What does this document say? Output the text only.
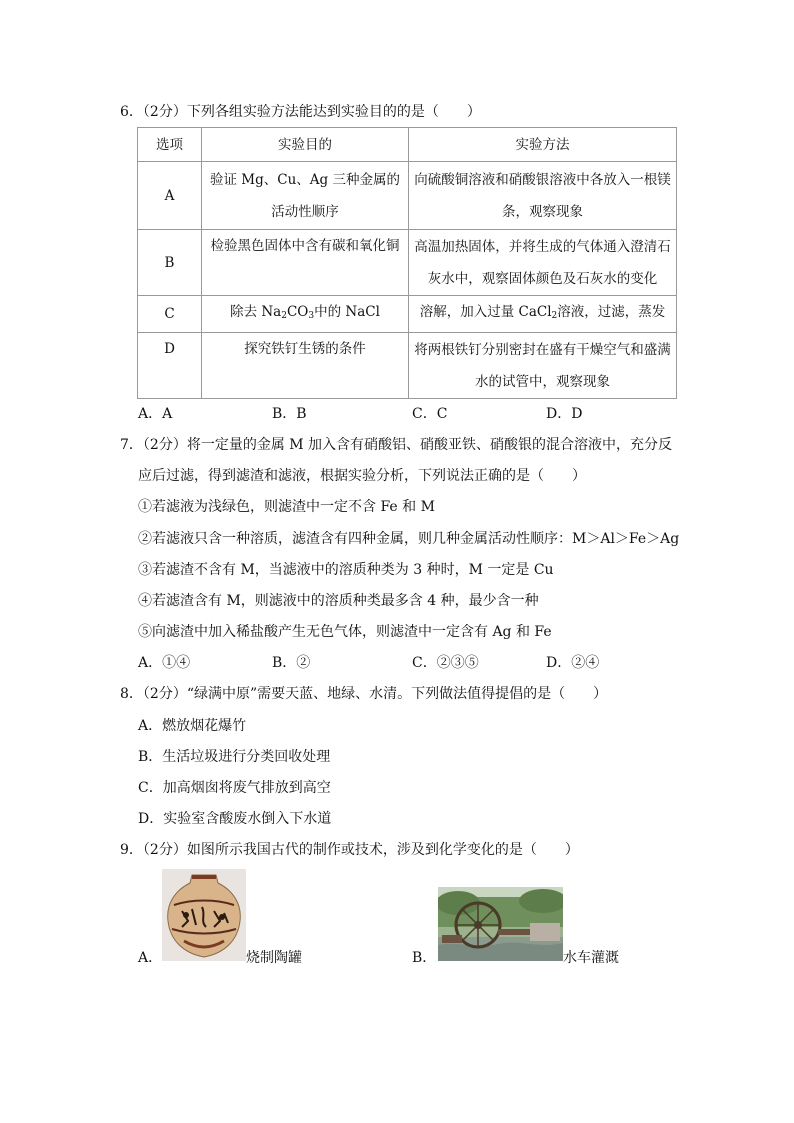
6．（2分）下列各组实验方法能达到实验目的的是（　　）
选项	实验目的	实验方法
A	验证 Mg、Cu、Ag 三种金属的活动性顺序	向硫酸铜溶液和硝酸银溶液中各放入一根镁条，观察现象
B	检验黑色固体中含有碳和氧化铜	高温加热固体，并将生成的气体通入澄清石灰水中，观察固体颜色及石灰水的变化
C	除去 $Na_2CO_3$中的 NaCl	溶解，加入过量 CaCl$_2$溶液，过滤，蒸发
D	探究铁钉生锈的条件	将两根铁钉分别密封在盛有干燥空气和盛满水的试管中，观察现象
A．A	B．B	C．C	D．D
7．（2分）将一定量的金属 M 加入含有硝酸铝、硝酸亚铁、硝酸银的混合溶液中，充分反
应后过滤，得到滤渣和滤液，根据实验分析，下列说法正确的是（　　）
①若滤液为浅绿色，则滤渣中一定不含 Fe 和 M
②若滤液只含一种溶质，滤渣含有四种金属，则几种金属活动性顺序：M＞Al＞Fe＞Ag
③若滤渣不含有 M，当滤液中的溶质种类为 3 种时，M 一定是 Cu
④若滤渣含有 M，则滤液中的溶质种类最多含 4 种，最少含一种
⑤向滤渣中加入稀盐酸产生无色气体，则滤渣中一定含有 Ag 和 Fe
A．①④	B．②	C．②③⑤	D．②④
8．（2分）“绿满中原”需要天蓝、地绿、水清。下列做法值得提倡的是（　　）
A．燃放烟花爆竹
B．生活垃圾进行分类回收处理
C．加高烟囱将废气排放到高空
D．实验室含酸废水倒入下水道
9．（2分）如图所示我国古代的制作或技术，涉及到化学变化的是（　　）
A．	烧制陶罐	B．	水车灌溉
